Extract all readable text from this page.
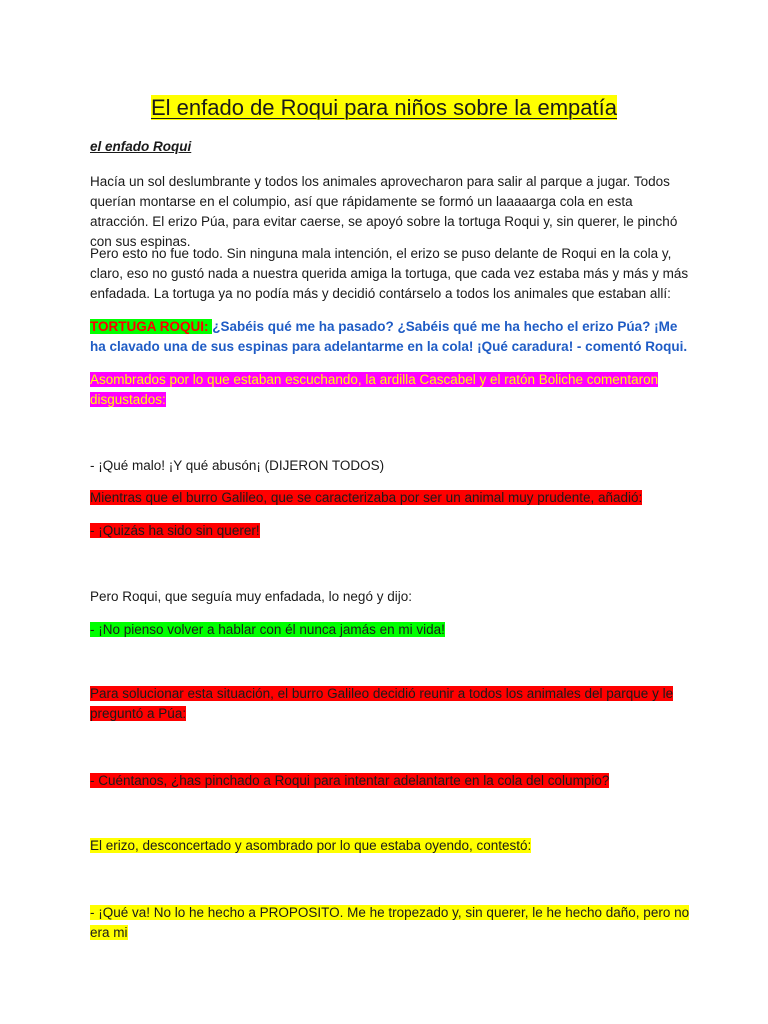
El enfado de Roqui para niños sobre la empatía
el enfado Roqui

Hacía un sol deslumbrante y todos los animales aprovecharon para salir al parque a jugar. Todos querían montarse en el columpio, así que rápidamente se formó un laaaaarga cola en esta atracción. El erizo Púa, para evitar caerse, se apoyó sobre la tortuga Roqui y, sin querer, le pinchó con sus espinas.

Pero esto no fue todo. Sin ninguna mala intención, el erizo se puso delante de Roqui en la cola y, claro, eso no gustó nada a nuestra querida amiga la tortuga, que cada vez estaba más y más y más enfadada. La tortuga ya no podía más y decidió contárselo a todos los animales que estaban allí:

TORTUGA ROQUI: ¿Sabéis qué me ha pasado? ¿Sabéis qué me ha hecho el erizo Púa? ¡Me ha clavado una de sus espinas para adelantarme en la cola! ¡Qué caradura! - comentó Roqui.

Asombrados por lo que estaban escuchando, la ardilla Cascabel y el ratón Boliche comentaron disgustados:

- ¡Qué malo! ¡Y qué abusón¡ (DIJERON TODOS)

Mientras que el burro Galileo, que se caracterizaba por ser un animal muy prudente, añadió:

- ¡Quizás ha sido sin querer!

Pero Roqui, que seguía muy enfadada, lo negó y dijo:

- ¡No pienso volver a hablar con él nunca jamás en mi vida!

Para solucionar esta situación, el burro Galileo decidió reunir a todos los animales del parque y le preguntó a Púa:

- Cuéntanos, ¿has pinchado a Roqui para intentar adelantarte en la cola del columpio?

El erizo, desconcertado y asombrado por lo que estaba oyendo, contestó:

- ¡Qué va! No lo he hecho a PROPOSITO. Me he tropezado y, sin querer, le he hecho daño, pero no era mi
